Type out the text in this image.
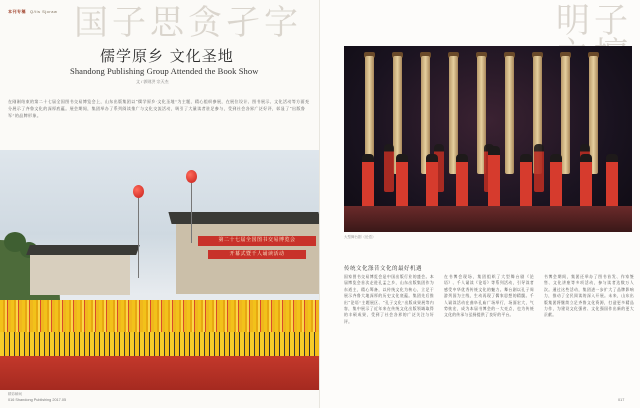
本刊专稿 Q/iis Sjoraw 国子思贪孑字
儒学原乡 文化圣地
Shandong Publishing Group Attended the Book Show
文 / 郭则洪 宗天杰
在刚刚结束的第二十七届全国图书交易博览会上，山东出版集团以“儒学原乡·文化圣地”为主题，精心组织参展，在展位设计、图书展示、文化活动等方面充分展示了齐鲁文化的深厚底蕴。展会期间，集团举办了系列阅读推广与文化交流活动，吸引了大量读者驻足参与，受到社会各界广泛好评，彰显了“出版鲁军”的品牌形象。
第二十七届全国图书交易博览会
开幕式暨千人诵读活动
精彩瞬间
016 Shandong Publishing 2017.05
明子
大型舞台剧《论语》
传统文化涤昔文化的最好机遇
国家图书交易博览会是中国出版行业的盛会。本届博览会首次走进孔孟之乡，山东出版集团作为东道主，精心筹备，以传统文化为核心，立足于展示齐鲁大地深厚的历史文化底蕴。集团先后推出“论语”主题展区、“孔子文化”出版成果展等内容，集中展示了近年来在传统文化出版领域取得的丰硕成果，受到了社会各界的广泛关注与好评。
在书博会现场，集团组织了大型舞台剧《论语》、千人诵读《论语》等系列活动，引导读者感受中华优秀传统文化的魅力。舞台剧以孔子周游列国为主线，生动再现了儒家思想的精髓。千人诵读活动在曲阜孔庙广场举行，场面宏大，气势恢宏，成为本届书博会的一大亮点，也为传统文化的传承与弘扬提供了良好的平台。
书博会期间，集团还举办了图书首发、作家签售、文化讲座等多项活动，参与读者达数万人次。通过这些活动，集团进一步扩大了品牌影响力，推动了全民阅读的深入开展。未来，山东出版集团将继续立足齐鲁文化资源，打造更多精品力作，为建设文化强省、文化强国作出新的更大贡献。
017
